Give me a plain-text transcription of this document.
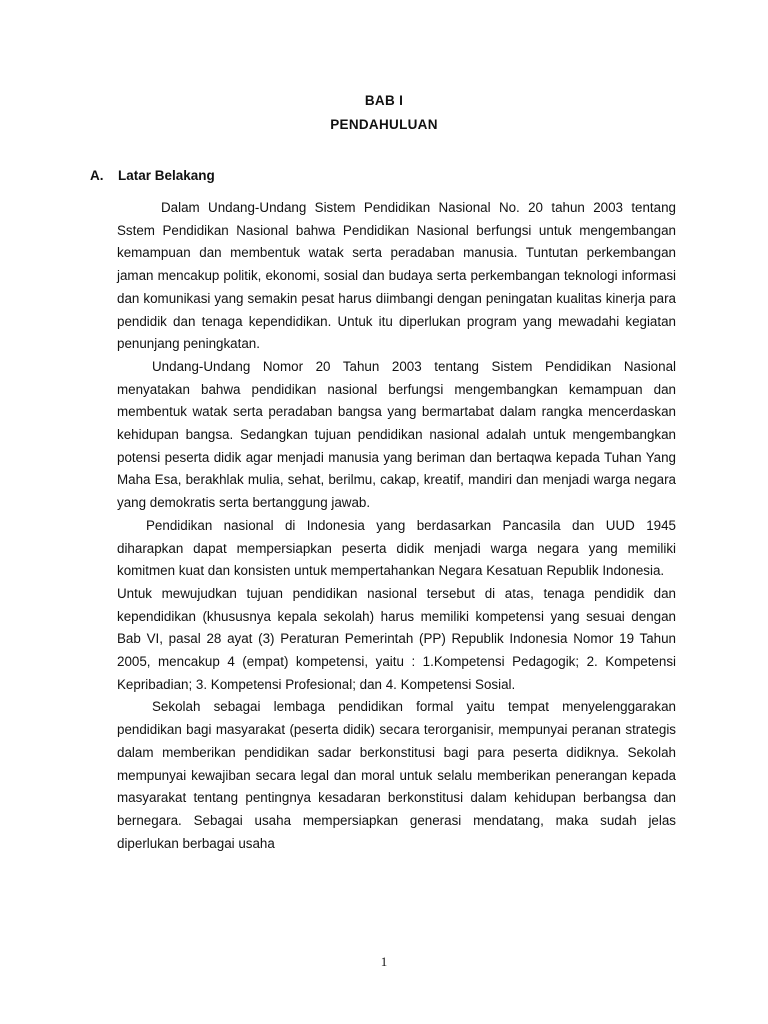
BAB I
PENDAHULUAN
A. Latar Belakang

Dalam Undang-Undang Sistem Pendidikan Nasional No. 20 tahun 2003 tentang Sstem Pendidikan Nasional bahwa Pendidikan Nasional berfungsi untuk mengembangan kemampuan dan membentuk watak serta peradaban manusia. Tuntutan perkembangan jaman mencakup politik, ekonomi, sosial dan budaya serta perkembangan teknologi informasi dan komunikasi yang semakin pesat harus diimbangi dengan peningatan kualitas kinerja para pendidik dan tenaga kependidikan. Untuk itu diperlukan program yang mewadahi kegiatan penunjang peningkatan.

Undang-Undang Nomor 20 Tahun 2003 tentang Sistem Pendidikan Nasional menyatakan bahwa pendidikan nasional berfungsi mengembangkan kemampuan dan membentuk watak serta peradaban bangsa yang bermartabat dalam rangka mencerdaskan kehidupan bangsa. Sedangkan tujuan pendidikan nasional adalah untuk mengembangkan potensi peserta didik agar menjadi manusia yang beriman dan bertaqwa kepada Tuhan Yang Maha Esa, berakhlak mulia, sehat, berilmu, cakap, kreatif, mandiri dan menjadi warga negara yang demokratis serta bertanggung jawab.

Pendidikan nasional di Indonesia yang berdasarkan Pancasila dan UUD 1945 diharapkan dapat mempersiapkan peserta didik menjadi warga negara yang memiliki komitmen kuat dan konsisten untuk mempertahankan Negara Kesatuan Republik Indonesia.

Untuk mewujudkan tujuan pendidikan nasional tersebut di atas, tenaga pendidik dan kependidikan (khususnya kepala sekolah) harus memiliki kompetensi yang sesuai dengan Bab VI, pasal 28 ayat (3) Peraturan Pemerintah (PP) Republik Indonesia Nomor 19 Tahun 2005, mencakup 4 (empat) kompetensi, yaitu : 1.Kompetensi Pedagogik; 2. Kompetensi Kepribadian; 3. Kompetensi Profesional; dan 4. Kompetensi Sosial.

Sekolah sebagai lembaga pendidikan formal yaitu tempat menyelenggarakan pendidikan bagi masyarakat (peserta didik) secara terorganisir, mempunyai peranan strategis dalam memberikan pendidikan sadar berkonstitusi bagi para peserta didiknya. Sekolah mempunyai kewajiban secara legal dan moral untuk selalu memberikan penerangan kepada masyarakat tentang pentingnya kesadaran berkonstitusi dalam kehidupan berbangsa dan bernegara. Sebagai usaha mempersiapkan generasi mendatang, maka sudah jelas diperlukan berbagai usaha

1
